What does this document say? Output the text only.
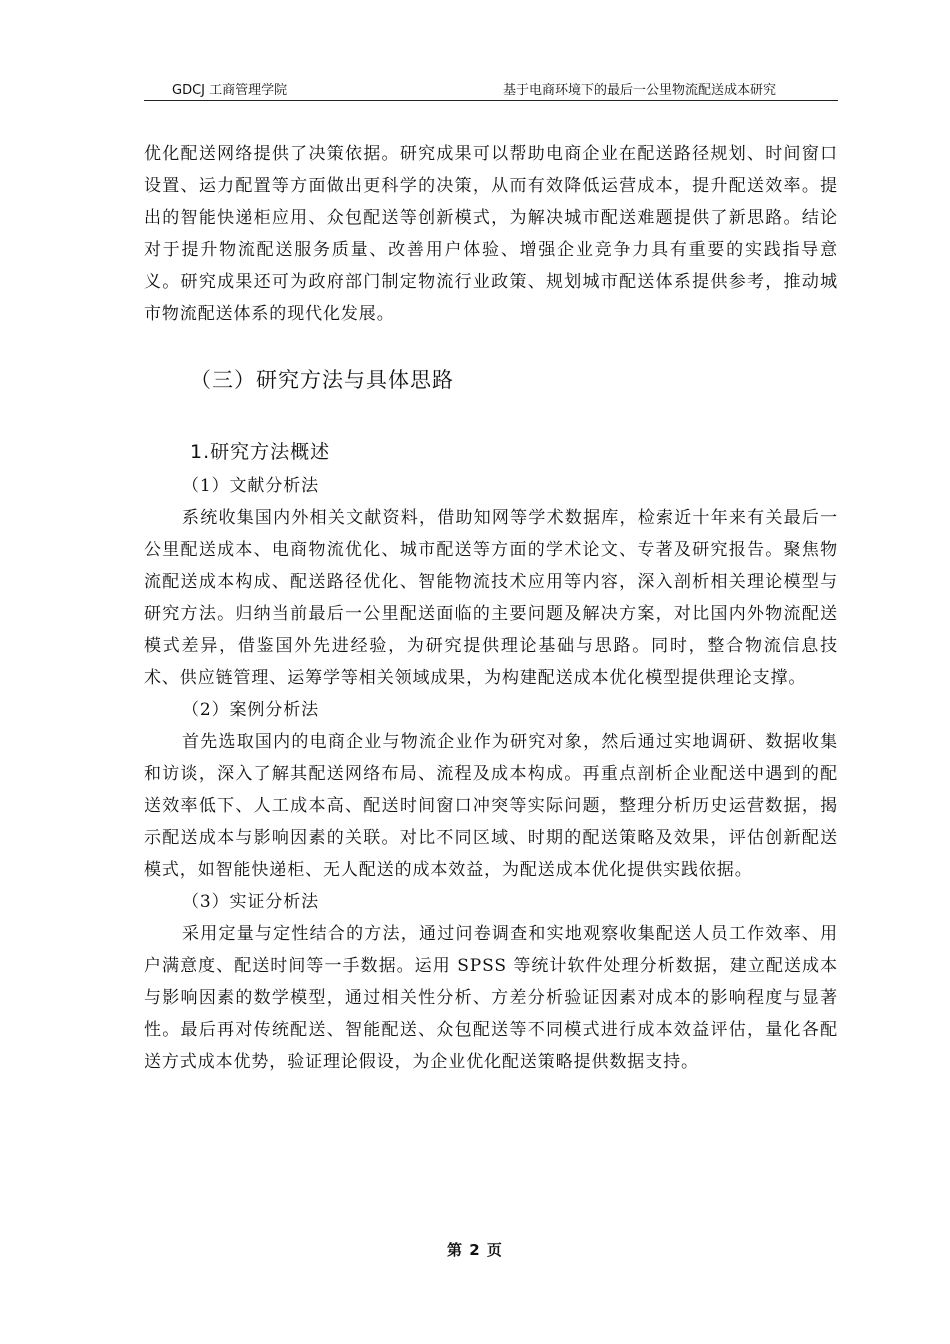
GDCJ 工商管理学院	基于电商环境下的最后一公里物流配送成本研究
优化配送网络提供了决策依据。研究成果可以帮助电商企业在配送路径规划、时间窗口设置、运力配置等方面做出更科学的决策，从而有效降低运营成本，提升配送效率。提出的智能快递柜应用、众包配送等创新模式，为解决城市配送难题提供了新思路。结论对于提升物流配送服务质量、改善用户体验、增强企业竞争力具有重要的实践指导意义。研究成果还可为政府部门制定物流行业政策、规划城市配送体系提供参考，推动城市物流配送体系的现代化发展。
（三）研究方法与具体思路
1.研究方法概述
（1）文献分析法
系统收集国内外相关文献资料，借助知网等学术数据库，检索近十年来有关最后一公里配送成本、电商物流优化、城市配送等方面的学术论文、专著及研究报告。聚焦物流配送成本构成、配送路径优化、智能物流技术应用等内容，深入剖析相关理论模型与研究方法。归纳当前最后一公里配送面临的主要问题及解决方案，对比国内外物流配送模式差异，借鉴国外先进经验，为研究提供理论基础与思路。同时，整合物流信息技术、供应链管理、运筹学等相关领域成果，为构建配送成本优化模型提供理论支撑。
（2）案例分析法
首先选取国内的电商企业与物流企业作为研究对象，然后通过实地调研、数据收集和访谈，深入了解其配送网络布局、流程及成本构成。再重点剖析企业配送中遇到的配送效率低下、人工成本高、配送时间窗口冲突等实际问题，整理分析历史运营数据，揭示配送成本与影响因素的关联。对比不同区域、时期的配送策略及效果，评估创新配送模式，如智能快递柜、无人配送的成本效益，为配送成本优化提供实践依据。
（3）实证分析法
采用定量与定性结合的方法，通过问卷调查和实地观察收集配送人员工作效率、用户满意度、配送时间等一手数据。运用 SPSS 等统计软件处理分析数据，建立配送成本与影响因素的数学模型，通过相关性分析、方差分析验证因素对成本的影响程度与显著性。最后再对传统配送、智能配送、众包配送等不同模式进行成本效益评估，量化各配送方式成本优势，验证理论假设，为企业优化配送策略提供数据支持。
第 2 页
